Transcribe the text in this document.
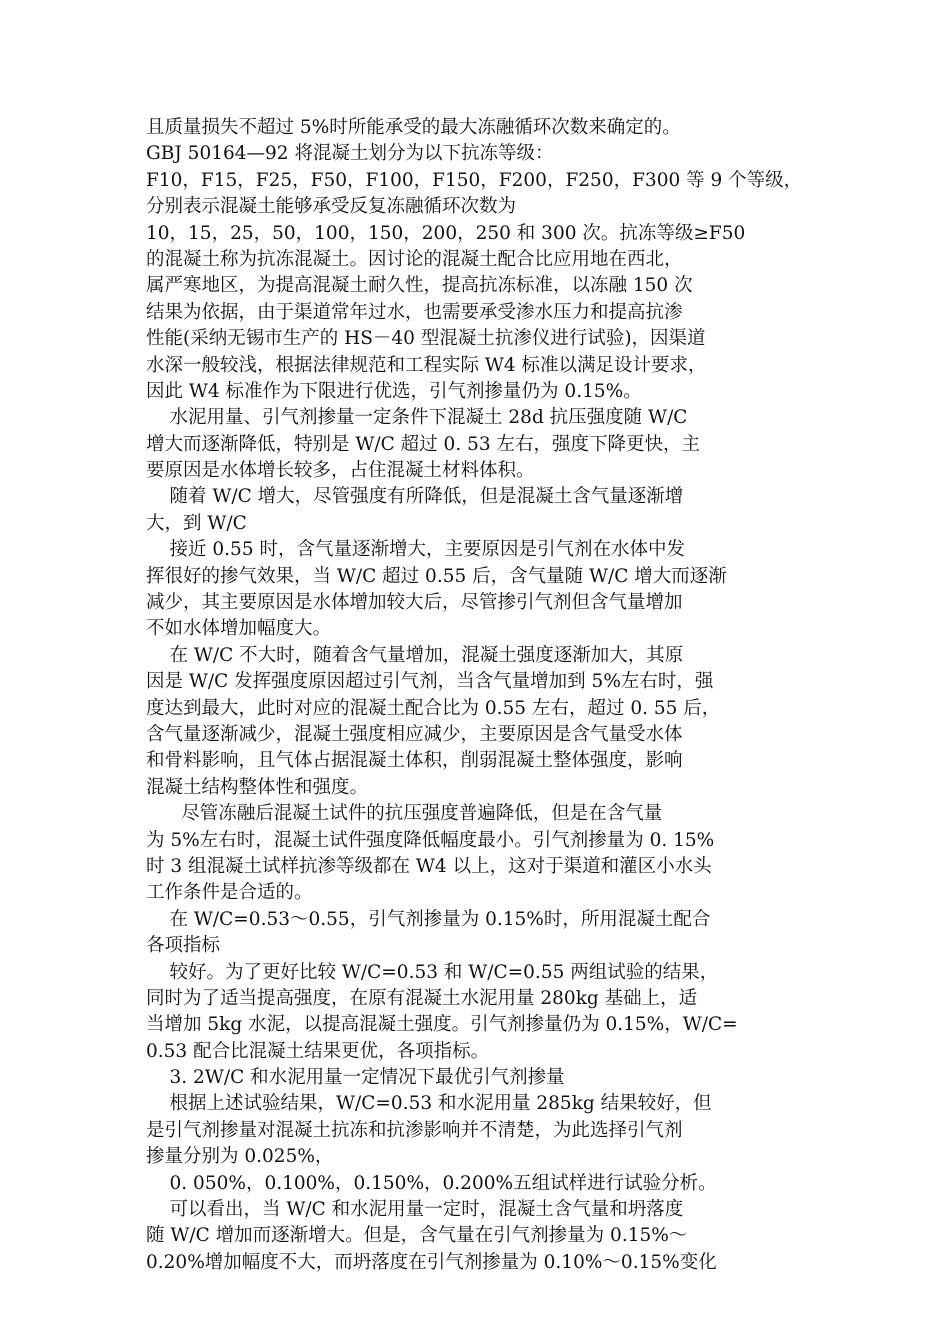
且质量损失不超过 5%时所能承受的最大冻融循环次数来确定的。
GBJ 50164—92 将混凝土划分为以下抗冻等级：
F10，F15，F25，F50，F100，F150，F200，F250，F300 等 9 个等级，
分别表示混凝土能够承受反复冻融循环次数为
10，15，25，50，100，150，200，250 和 300 次。抗冻等级≥F50
的混凝土称为抗冻混凝土。因讨论的混凝土配合比应用地在西北，
属严寒地区，为提高混凝土耐久性，提高抗冻标准，以冻融 150 次
结果为依据，由于渠道常年过水，也需要承受渗水压力和提高抗渗
性能(采纳无锡市生产的 HS－40 型混凝土抗渗仪进行试验)，因渠道
水深一般较浅，根据法律规范和工程实际 W4 标准以满足设计要求，
因此 W4 标准作为下限进行优选，引气剂掺量仍为 0.15%。
水泥用量、引气剂掺量一定条件下混凝土 28d 抗压强度随 W/C
增大而逐渐降低，特别是 W/C 超过 0. 53 左右，强度下降更快，主
要原因是水体增长较多，占住混凝土材料体积。
随着 W/C 增大，尽管强度有所降低，但是混凝土含气量逐渐增
大，到 W/C
接近 0.55 时，含气量逐渐增大，主要原因是引气剂在水体中发
挥很好的掺气效果，当 W/C 超过 0.55 后，含气量随 W/C 增大而逐渐
减少，其主要原因是水体增加较大后，尽管掺引气剂但含气量增加
不如水体增加幅度大。
在 W/C 不大时，随着含气量增加，混凝土强度逐渐加大，其原
因是 W/C 发挥强度原因超过引气剂，当含气量增加到 5%左右时，强
度达到最大，此时对应的混凝土配合比为 0.55 左右，超过 0. 55 后，
含气量逐渐减少，混凝土强度相应减少，主要原因是含气量受水体
和骨料影响，且气体占据混凝土体积，削弱混凝土整体强度，影响
混凝土结构整体性和强度。
尽管冻融后混凝土试件的抗压强度普遍降低，但是在含气量
为 5%左右时，混凝土试件强度降低幅度最小。引气剂掺量为 0. 15%
时 3 组混凝土试样抗渗等级都在 W4 以上，这对于渠道和灌区小水头
工作条件是合适的。
在 W/C=0.53～0.55，引气剂掺量为 0.15%时，所用混凝土配合
各项指标
较好。为了更好比较 W/C=0.53 和 W/C=0.55 两组试验的结果，
同时为了适当提高强度，在原有混凝土水泥用量 280kg 基础上，适
当增加 5kg 水泥，以提高混凝土强度。引气剂掺量仍为 0.15%，W/C=
0.53 配合比混凝土结果更优，各项指标。
3. 2W/C 和水泥用量一定情况下最优引气剂掺量
根据上述试验结果，W/C=0.53 和水泥用量 285kg 结果较好，但
是引气剂掺量对混凝土抗冻和抗渗影响并不清楚，为此选择引气剂
掺量分别为 0.025%，
0. 050%，0.100%，0.150%，0.200%五组试样进行试验分析。
可以看出，当 W/C 和水泥用量一定时，混凝土含气量和坍落度
随 W/C 增加而逐渐增大。但是，含气量在引气剂掺量为 0.15%～
0.20%增加幅度不大，而坍落度在引气剂掺量为 0.10%～0.15%变化
